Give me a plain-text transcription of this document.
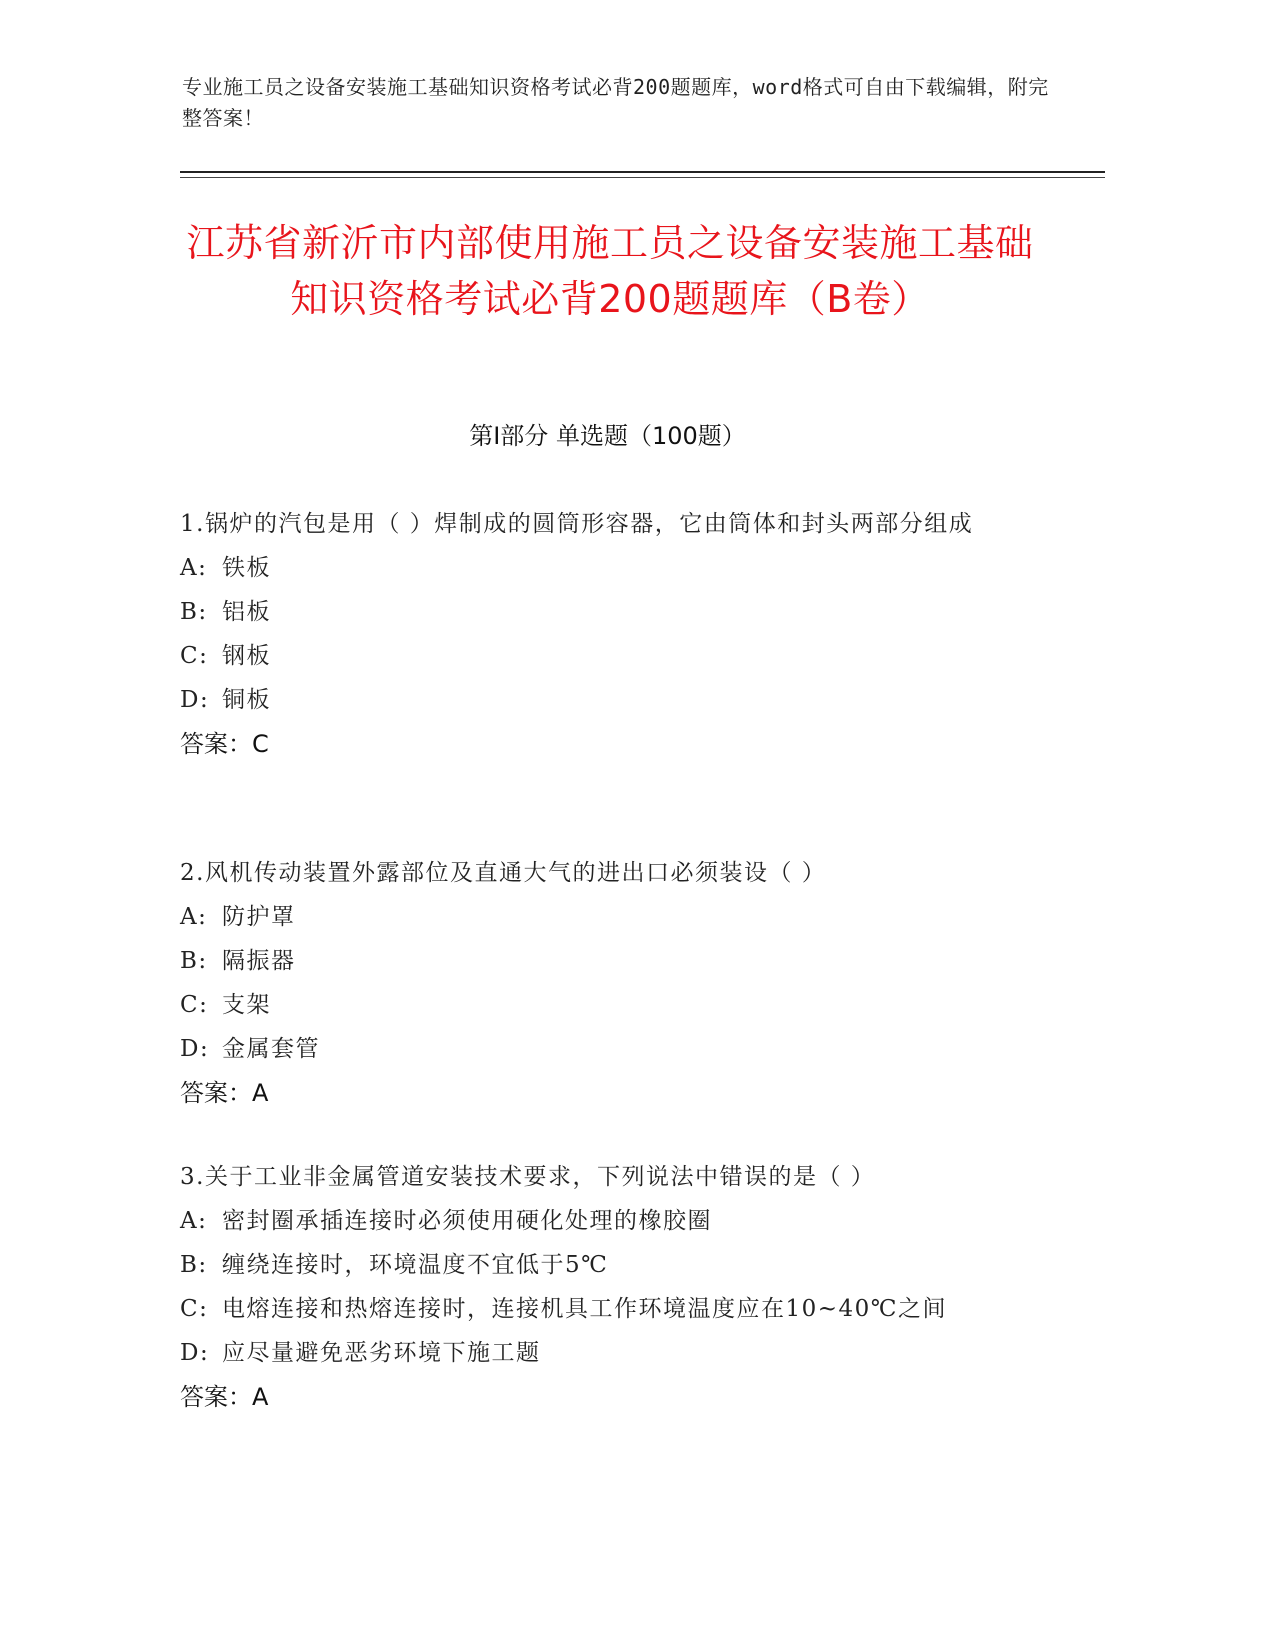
专业施工员之设备安装施工基础知识资格考试必背200题题库，word格式可自由下载编辑，附完整答案！
江苏省新沂市内部使用施工员之设备安装施工基础知识资格考试必背200题题库（B卷）
第I部分 单选题（100题）
1.锅炉的汽包是用（ ）焊制成的圆筒形容器，它由筒体和封头两部分组成
A: 铁板
B: 铝板
C: 钢板
D: 铜板
答案：C
2.风机传动装置外露部位及直通大气的进出口必须装设（ ）
A: 防护罩
B: 隔振器
C: 支架
D: 金属套管
答案：A
3.关于工业非金属管道安装技术要求，下列说法中错误的是（ ）
A: 密封圈承插连接时必须使用硬化处理的橡胶圈
B: 缠绕连接时，环境温度不宜低于5℃
C: 电熔连接和热熔连接时，连接机具工作环境温度应在10~40℃之间
D: 应尽量避免恶劣环境下施工题
答案：A
